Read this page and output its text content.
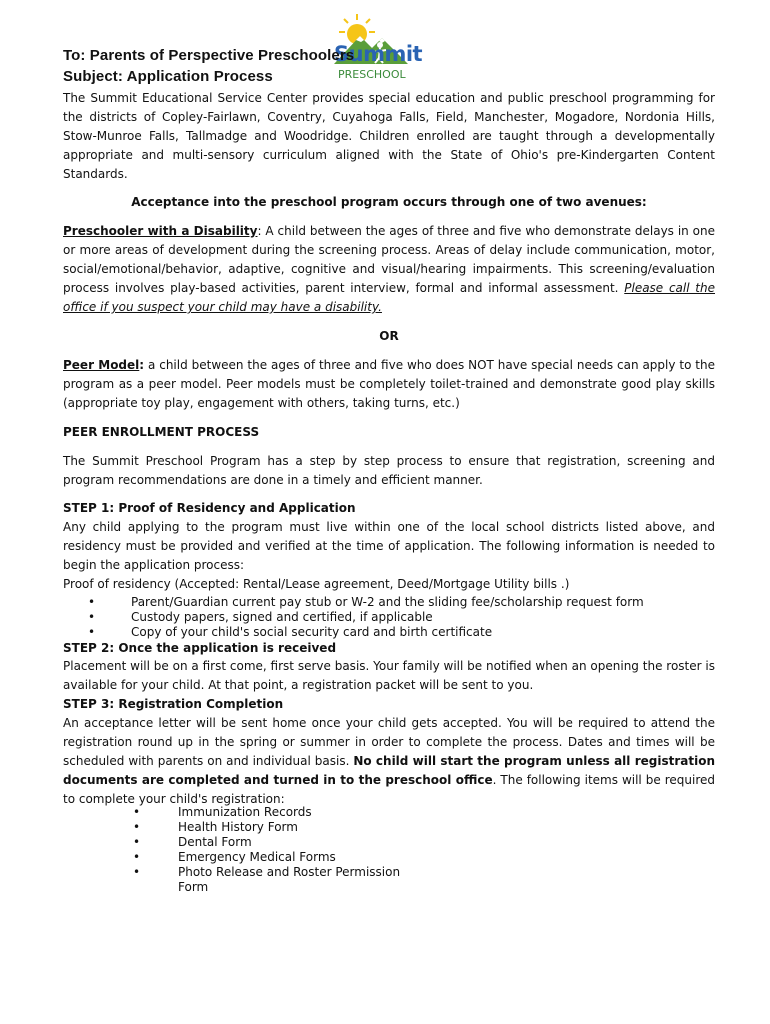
Summit
PRESCHOOL
To: Parents of Perspective Preschoolers
Subject: Application Process
The Summit Educational Service Center provides special education and public preschool programming for the districts of Copley-Fairlawn, Coventry, Cuyahoga Falls, Field, Manchester, Mogadore, Nordonia Hills, Stow-Munroe Falls, Tallmadge and Woodridge. Children enrolled are taught through a developmentally appropriate and multi-sensory curriculum aligned with the State of Ohio's pre-Kindergarten Content Standards.
Acceptance into the preschool program occurs through one of two avenues:
Preschooler with a Disability: A child between the ages of three and five who demonstrate delays in one or more areas of development during the screening process. Areas of delay include communication, motor, social/emotional/behavior, adaptive, cognitive and visual/hearing impairments. This screening/evaluation process involves play-based activities, parent interview, formal and informal assessment. Please call the office if you suspect your child may have a disability.
OR
Peer Model: a child between the ages of three and five who does NOT have special needs can apply to the program as a peer model. Peer models must be completely toilet-trained and demonstrate good play skills (appropriate toy play, engagement with others, taking turns, etc.)
PEER ENROLLMENT PROCESS
The Summit Preschool Program has a step by step process to ensure that registration, screening and program recommendations are done in a timely and efficient manner.
STEP 1: Proof of Residency and Application
Any child applying to the program must live within one of the local school districts listed above, and residency must be provided and verified at the time of application. The following information is needed to begin the application process:
Proof of residency (Accepted: Rental/Lease agreement, Deed/Mortgage Utility bills .)
•	Parent/Guardian current pay stub or W-2 and the sliding fee/scholarship request form
•	Custody papers, signed and certified, if applicable
•	Copy of your child's social security card and birth certificate
STEP 2: Once the application is received
Placement will be on a first come, first serve basis. Your family will be notified when an opening the roster is available for your child. At that point, a registration packet will be sent to you.
STEP 3: Registration Completion
An acceptance letter will be sent home once your child gets accepted. You will be required to attend the registration round up in the spring or summer in order to complete the process. Dates and times will be scheduled with parents on and individual basis. No child will start the program unless all registration documents are completed and turned in to the preschool office. The following items will be required to complete your child's registration:
•	Immunization Records
•	Health History Form
•	Dental Form
•	Emergency Medical Forms
•	Photo Release and Roster Permission
Form
